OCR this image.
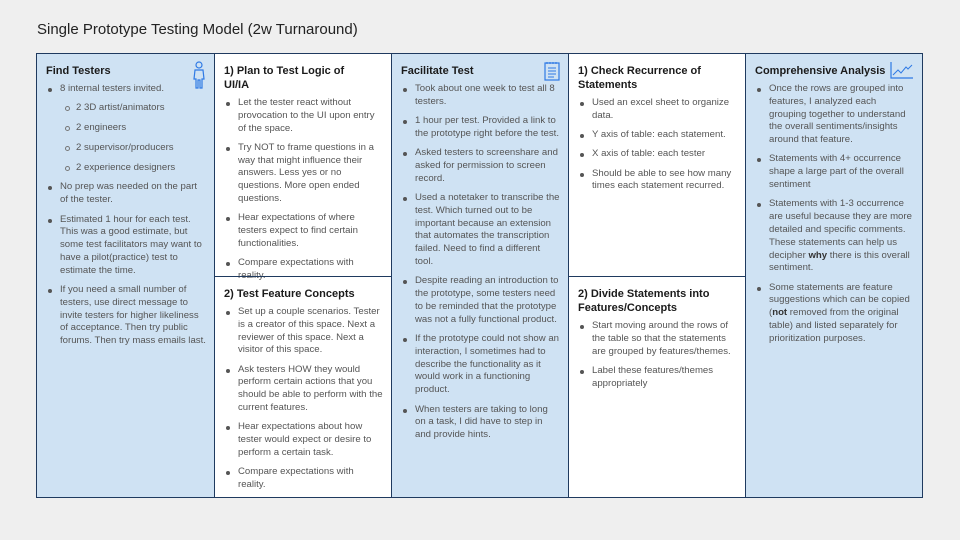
Single Prototype Testing Model (2w Turnaround)
Find Testers
8 internal testers invited.
2 3D artist/animators
2 engineers
2 supervisor/producers
2 experience designers
No prep was needed on the part of the tester.
Estimated 1 hour for each test. This was a good estimate, but some test facilitators may want to have a pilot(practice) test to estimate the time.
If you need a small number of testers, use direct message to invite testers for higher likeliness of acceptance. Then try public forums. Then try mass emails last.
1) Plan to Test Logic of UI/IA
Let the tester react without provocation to the UI upon entry of the space.
Try NOT to frame questions in a way that might influence their answers. Less yes or no questions. More open ended questions.
Hear expectations of where testers expect to find certain functionalities.
Compare expectations with reality.
2) Test Feature Concepts
Set up a couple scenarios. Tester is a creator of this space. Next a reviewer of this space. Next a visitor of this space.
Ask testers HOW they would perform certain actions that you should be able to perform with the current features.
Hear expectations about how tester would expect or desire to perform a certain task.
Compare expectations with reality.
Facilitate Test
Took about one week to test all 8 testers.
1 hour per test. Provided a link to the prototype right before the test.
Asked testers to screenshare and asked for permission to screen record.
Used a notetaker to transcribe the test. Which turned out to be important because an extension that automates the transcription failed. Need to find a different tool.
Despite reading an introduction to the prototype, some testers need to be reminded that the prototype was not a fully functional product.
If the prototype could not show an interaction, I sometimes had to describe the functionality as it would work in a functioning product.
When testers are taking to long on a task, I did have to step in and provide hints.
1) Check Recurrence of Statements
Used an excel sheet to organize data.
Y axis of table: each statement.
X axis of table: each tester
Should be able to see how many times each statement recurred.
2) Divide Statements into Features/Concepts
Start moving around the rows of the table so that the statements are grouped by features/themes.
Label these features/themes appropriately
Comprehensive Analysis
Once the rows are grouped into features, I analyzed each grouping together to understand the overall sentiments/insights around that feature.
Statements with 4+ occurrence shape a large part of the overall sentiment
Statements with 1-3 occurrence are useful because they are more detailed and specific comments. These statements can help us decipher why there is this overall sentiment.
Some statements are feature suggestions which can be copied (not removed from the original table) and listed separately for prioritization purposes.
